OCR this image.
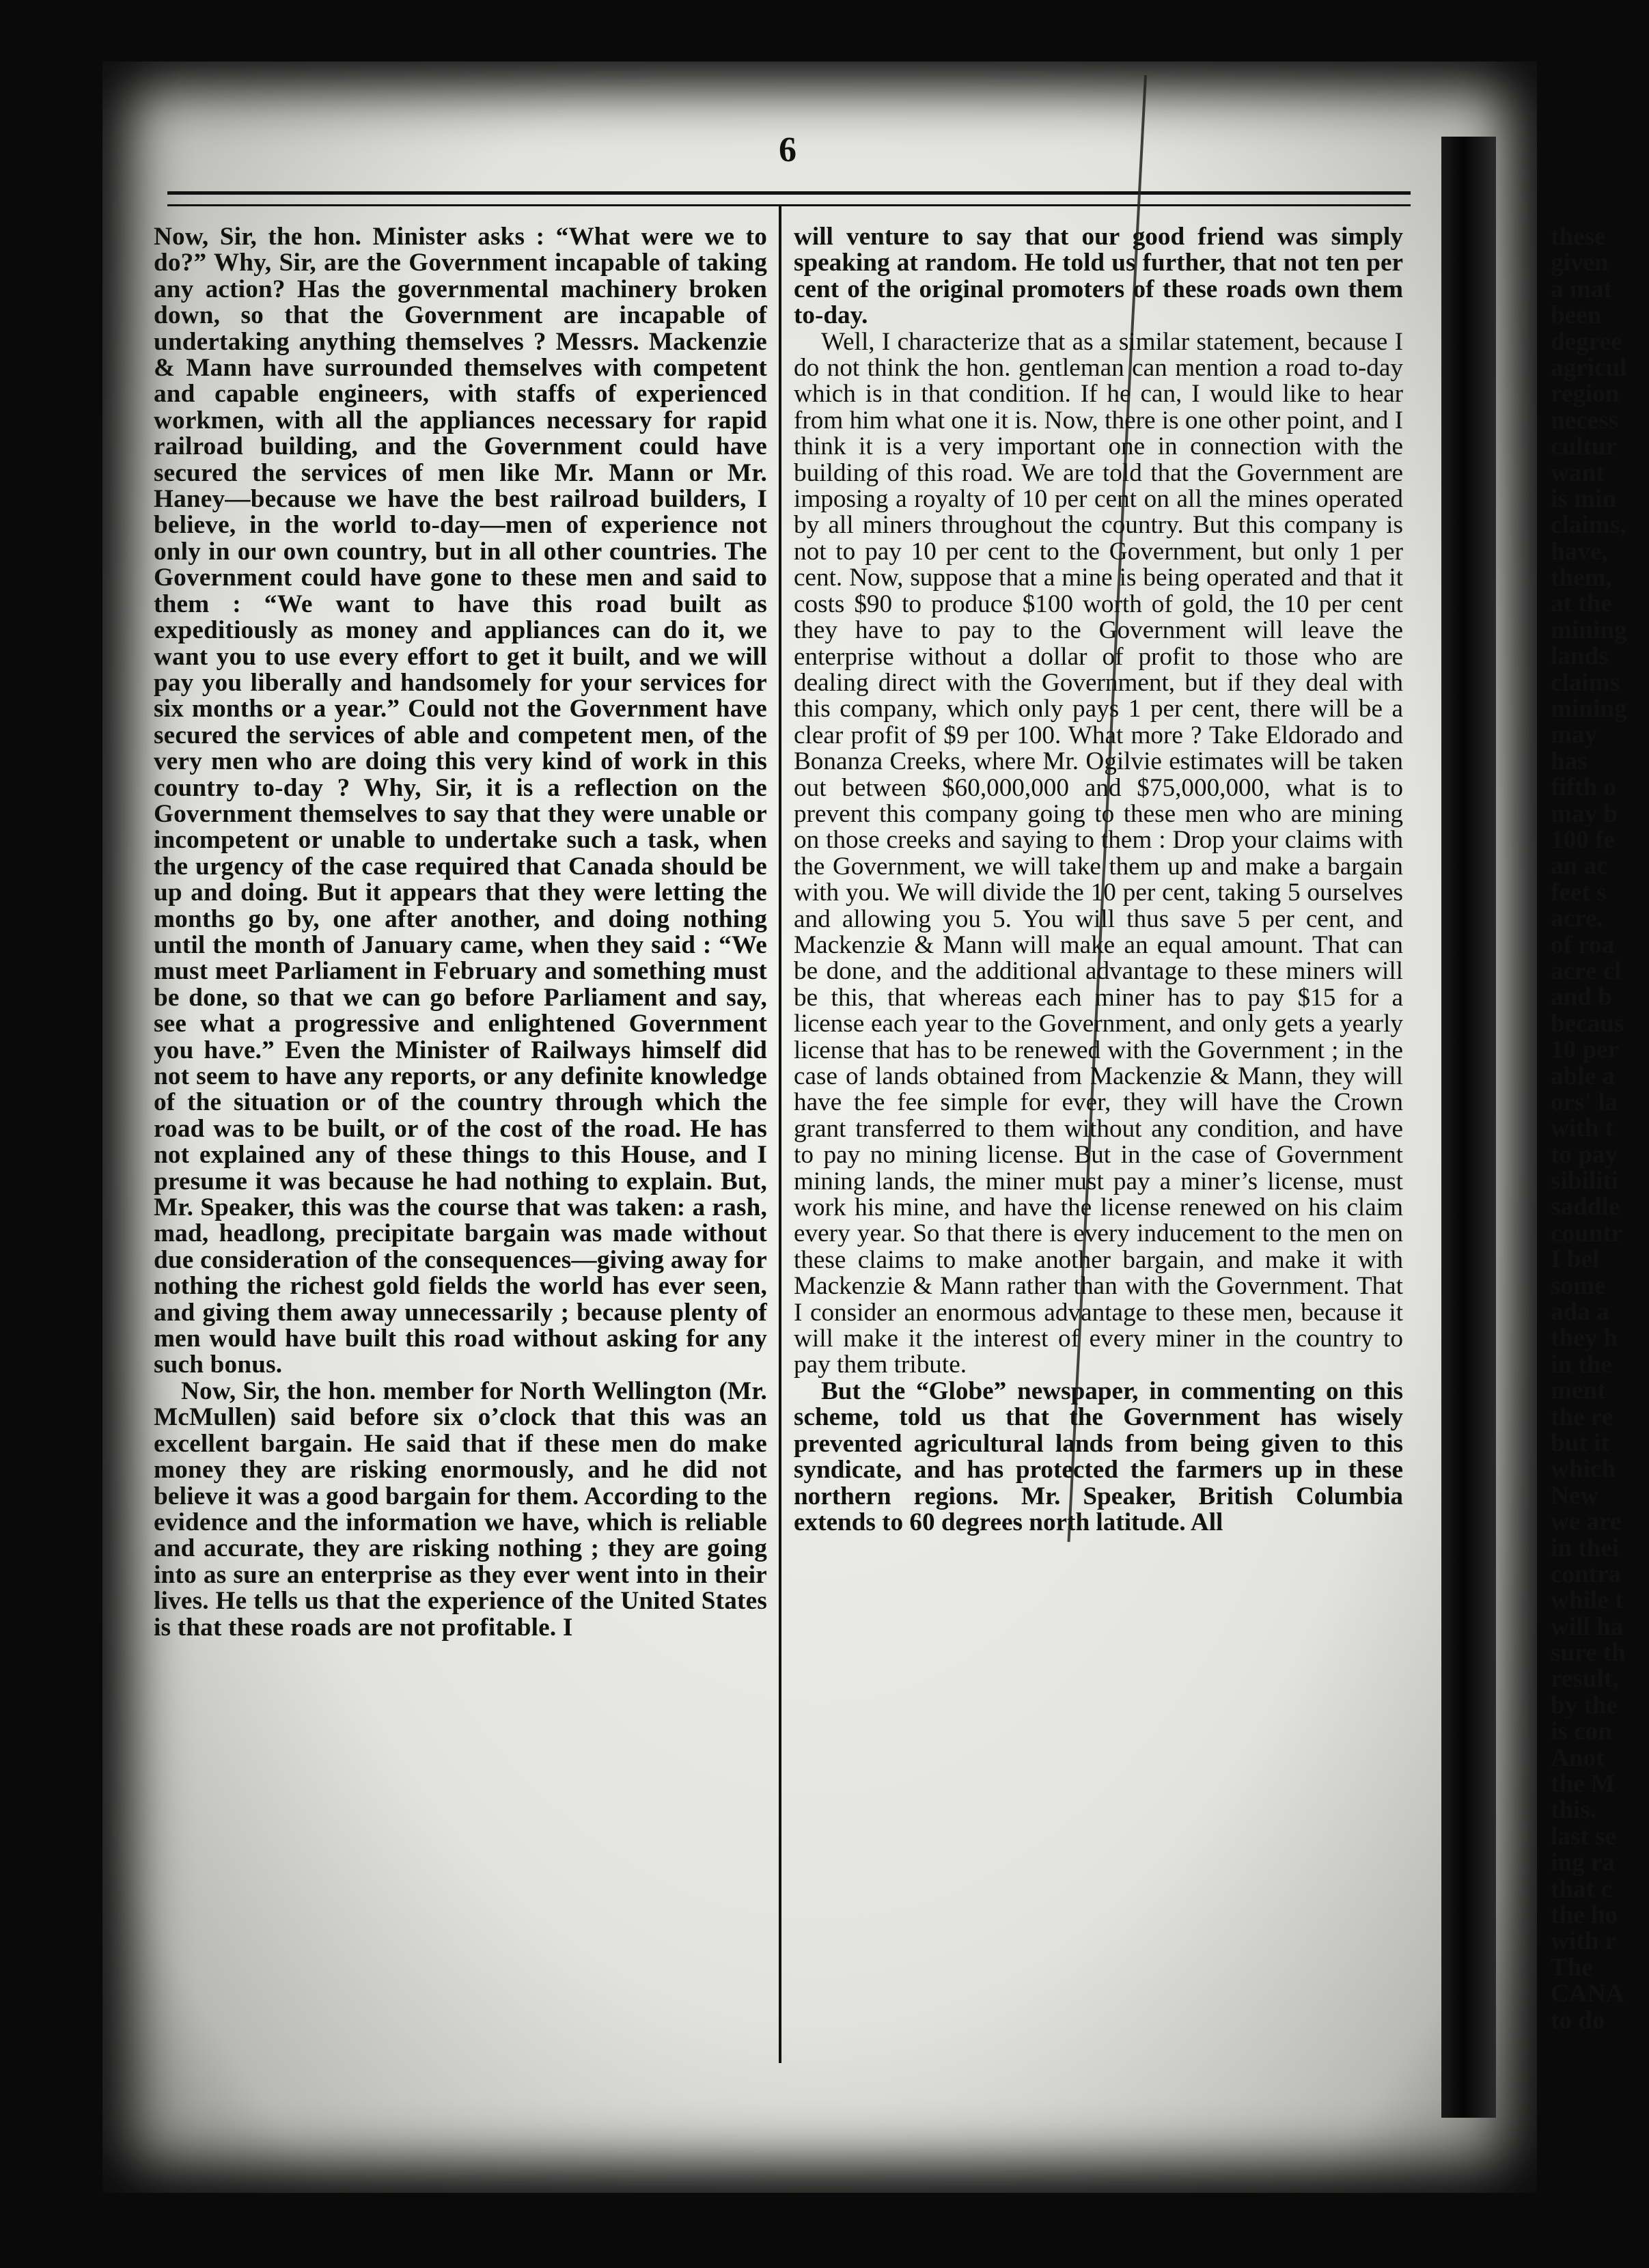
6

Now, Sir, the hon. Minister asks : “What were we to do?” Why, Sir, are the Government incapable of taking any action? Has the governmental machinery broken down, so that the Government are incapable of undertaking anything themselves ? Messrs. Mackenzie & Mann have surrounded themselves with competent and capable engineers, with staffs of experienced workmen, with all the appliances necessary for rapid railroad building, and the Government could have secured the services of men like Mr. Mann or Mr. Haney—because we have the best railroad builders, I believe, in the world to-day—men of experience not only in our own country, but in all other countries. The Government could have gone to these men and said to them : “We want to have this road built as expeditiously as money and appliances can do it, we want you to use every effort to get it built, and we will pay you liberally and handsomely for your services for six months or a year.” Could not the Government have secured the services of able and competent men, of the very men who are doing this very kind of work in this country to-day ? Why, Sir, it is a reflection on the Government themselves to say that they were unable or incompetent or unable to undertake such a task, when the urgency of the case required that Canada should be up and doing. But it appears that they were letting the months go by, one after another, and doing nothing until the month of January came, when they said : “We must meet Parliament in February and something must be done, so that we can go before Parliament and say, see what a progressive and enlightened Government you have.” Even the Minister of Railways himself did not seem to have any reports, or any definite knowledge of the situation or of the country through which the road was to be built, or of the cost of the road. He has not explained any of these things to this House, and I presume it was because he had nothing to explain. But, Mr. Speaker, this was the course that was taken: a rash, mad, headlong, precipitate bargain was made without due consideration of the consequences—giving away for nothing the richest gold fields the world has ever seen, and giving them away unnecessarily ; because plenty of men would have built this road without asking for any such bonus.

Now, Sir, the hon. member for North Wellington (Mr. McMullen) said before six o’clock that this was an excellent bargain. He said that if these men do make money they are risking enormously, and he did not believe it was a good bargain for them. According to the evidence and the information we have, which is reliable and accurate, they are risking nothing ; they are going into as sure an enterprise as they ever went into in their lives. He tells us that the experience of the United States is that these roads are not profitable. I

will venture to say that our good friend was simply speaking at random. He told us further, that not ten per cent of the original promoters of these roads own them to-day.

Well, I characterize that as a similar statement, because I do not think the hon. gentleman can mention a road to-day which is in that condition. If he can, I would like to hear from him what one it is. Now, there is one other point, and I think it is a very important one in connection with the building of this road. We are told that the Government are imposing a royalty of 10 per cent on all the mines operated by all miners throughout the country. But this company is not to pay 10 per cent to the Government, but only 1 per cent. Now, suppose that a mine is being operated and that it costs $90 to produce $100 worth of gold, the 10 per cent they have to pay to the Government will leave the enterprise without a dollar of profit to those who are dealing direct with the Government, but if they deal with this company, which only pays 1 per cent, there will be a clear profit of $9 per 100. What more ? Take Eldorado and Bonanza Creeks, where Mr. Ogilvie estimates will be taken out between $60,000,000 and $75,000,000, what is to prevent this company going to these men who are mining on those creeks and saying to them : Drop your claims with the Government, we will take them up and make a bargain with you. We will divide the 10 per cent, taking 5 ourselves and allowing you 5. You will thus save 5 per cent, and Mackenzie & Mann will make an equal amount. That can be done, and the additional advantage to these miners will be this, that whereas each miner has to pay $15 for a license each year to the Government, and only gets a yearly license that has to be renewed with the Government ; in the case of lands obtained from Mackenzie & Mann, they will have the fee simple for ever, they will have the Crown grant transferred to them without any condition, and have to pay no mining license. But in the case of Government mining lands, the miner must pay a miner’s license, must work his mine, and have the license renewed on his claim every year. So that there is every inducement to the men on these claims to make another bargain, and make it with Mackenzie & Mann rather than with the Government. That I consider an enormous advantage to these men, because it will make it the interest of every miner in the country to pay them tribute.

But the “Globe” newspaper, in commenting on this scheme, told us that the Government has wisely prevented agricultural lands from being given to this syndicate, and has protected the farmers up in these northern regions. Mr. Speaker, British Columbia extends to 60 degrees north latitude. All

these
given
a mat
been
degree
agricul
region
necess
cultur
want
is min
claims,
have,
them,
at the
mining
lands
claims
mining
may
has
fifth o
may b
100 fe
an ac
feet s
acre.
of roa
acre cl
and b
becaus
10 per
able a
ors' la
with t
to pay
sibiliti
saddle
countr
I bel
some
ada a
they h
in the
ment
the re
but it
which
New
we are
in thei
contra
while t
will ha
sure th
result,
by the
is con
Anot
the M
this.
last se
ing ra
that c
the ho
with r
The
CANA
to do
